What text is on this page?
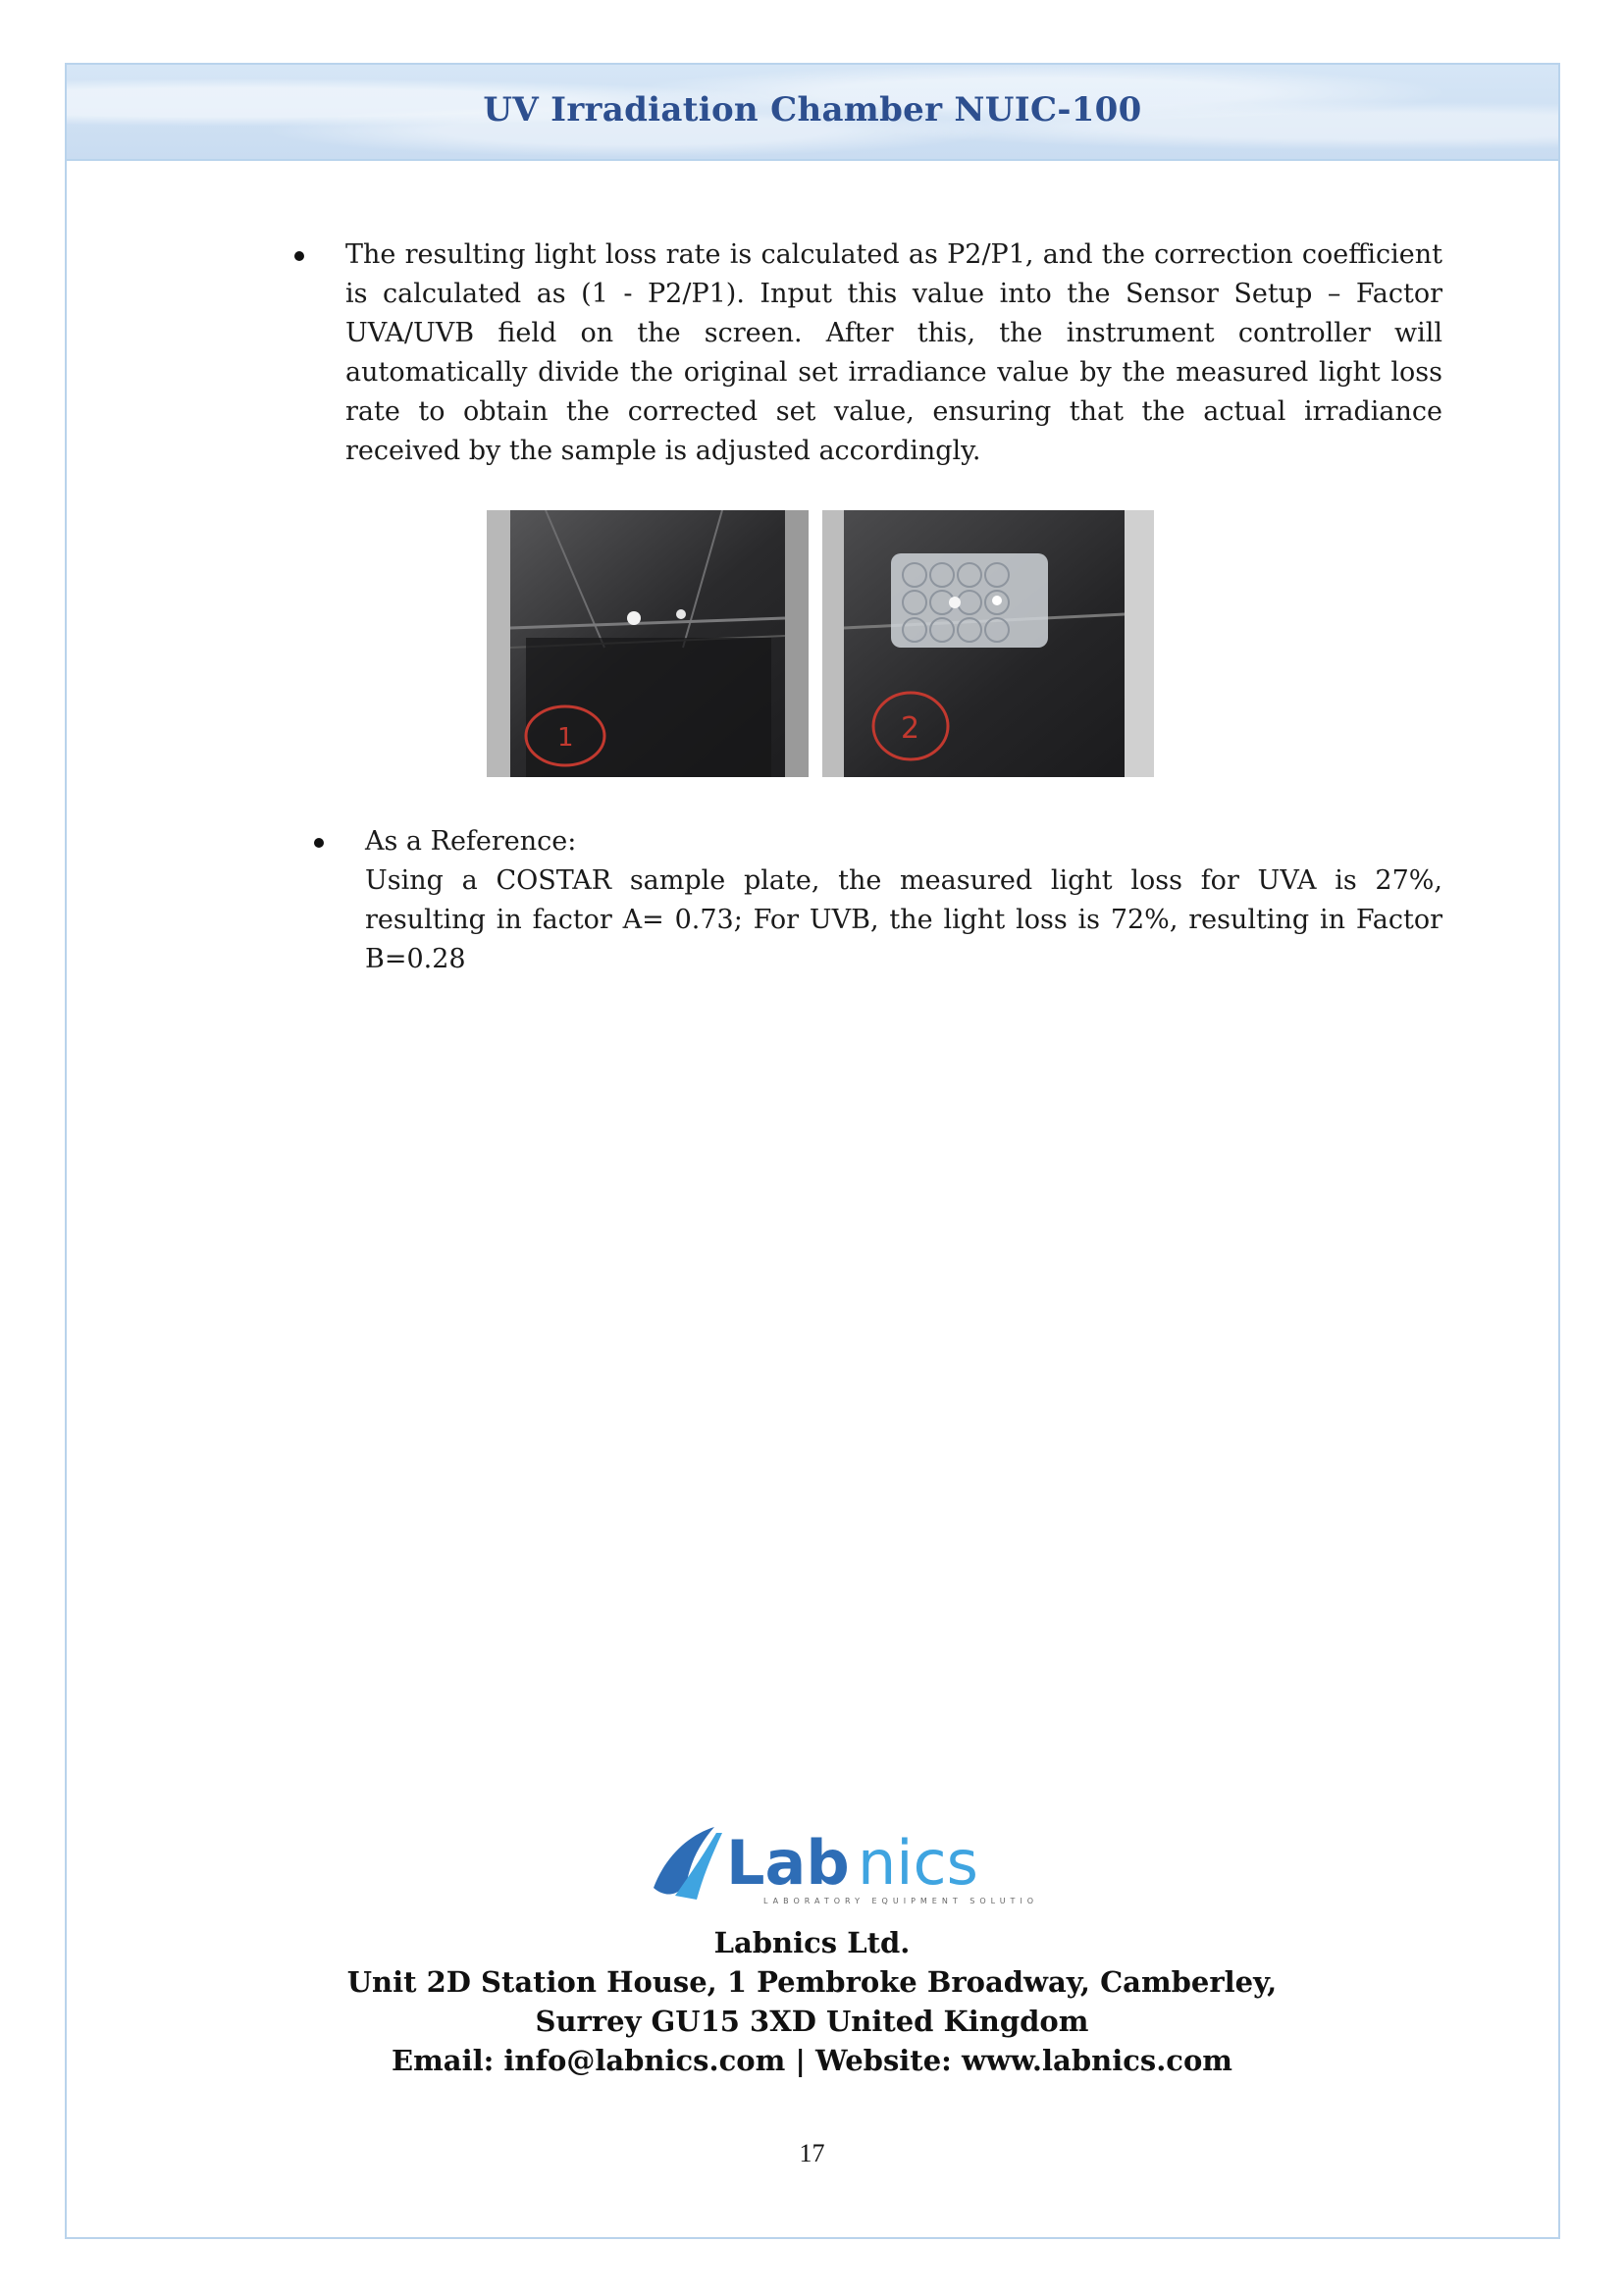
UV Irradiation Chamber NUIC-100
The resulting light loss rate is calculated as P2/P1, and the correction coefficient is calculated as (1 - P2/P1). Input this value into the Sensor Setup – Factor UVA/UVB field on the screen. After this, the instrument controller will automatically divide the original set irradiance value by the measured light loss rate to obtain the corrected set value, ensuring that the actual irradiance received by the sample is adjusted accordingly.
1	2
As a Reference:
Using a COSTAR sample plate, the measured light loss for UVA is 27%, resulting in factor A= 0.73; For UVB, the light loss is 72%, resulting in Factor B=0.28
Lab nics
LABORATORY EQUIPMENT SOLUTIONS
Labnics Ltd.
Unit 2D Station House, 1 Pembroke Broadway, Camberley,
Surrey GU15 3XD United Kingdom
Email: info@labnics.com | Website: www.labnics.com
17
